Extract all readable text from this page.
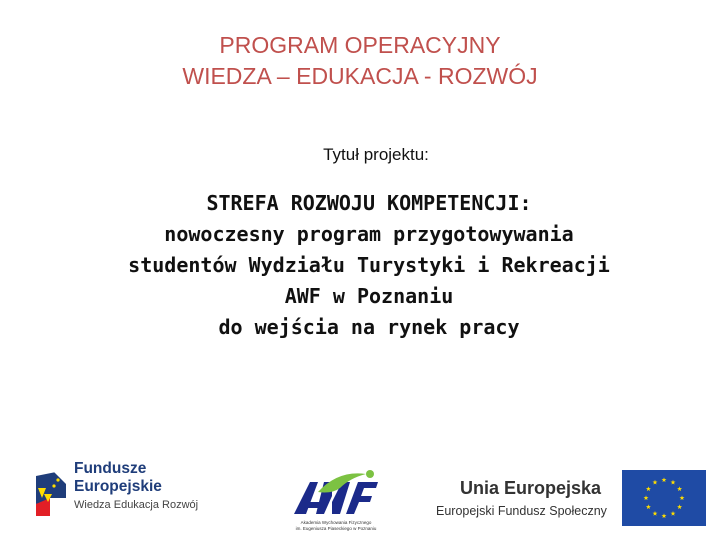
PROGRAM OPERACYJNY
WIEDZA – EDUKACJA - ROZWÓJ
Tytuł projektu:
STREFA ROZWOJU KOMPETENCJI:
nowoczesny program przygotowywania
studentów Wydziału Turystyki i Rekreacji
AWF w Poznaniu
do wejścia na rynek pracy
Fundusze
Europejskie
Wiedza Edukacja Rozwój
Akademia Wychowania Fizycznego
im. Eugeniusza Piaseckiego w Poznaniu
Unia Europejska
Europejski Fundusz Społeczny
